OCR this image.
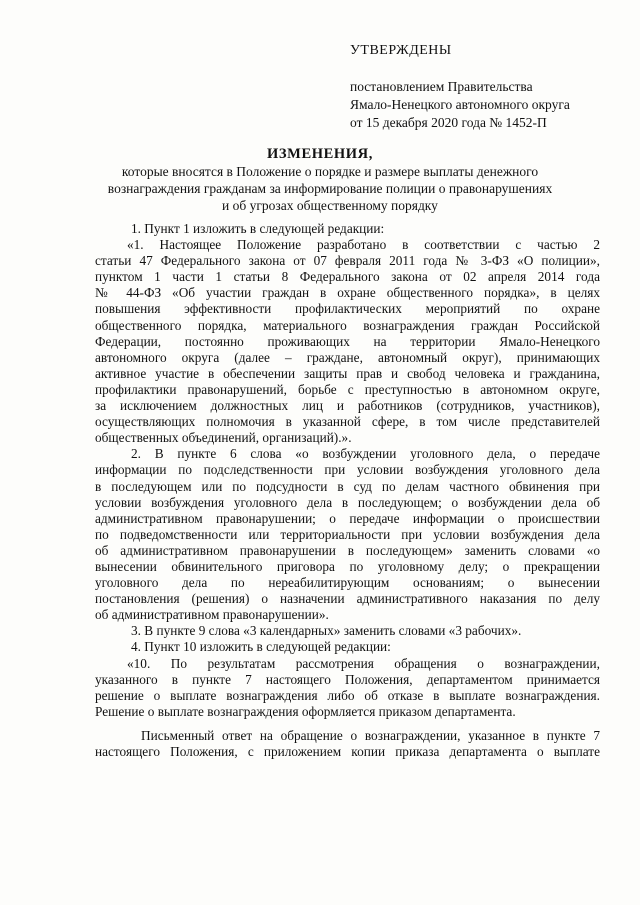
УТВЕРЖДЕНЫ
постановлением Правительства
Ямало-Ненецкого автономного округа
от 15 декабря 2020 года № 1452-П
ИЗМЕНЕНИЯ,
которые вносятся в Положение о порядке и размере выплаты денежного
вознаграждения гражданам за информирование полиции о правонарушениях
и об угрозах общественному порядку
1. Пункт 1 изложить в следующей редакции:
«1. Настоящее Положение разработано в соответствии с частью 2
статьи 47 Федерального закона от 07 февраля 2011 года № 3-ФЗ «О полиции»,
пунктом 1 части 1 статьи 8 Федерального закона от 02 апреля 2014 года
№ 44-ФЗ «Об участии граждан в охране общественного порядка», в целях
повышения эффективности профилактических мероприятий по охране
общественного порядка, материального вознаграждения граждан Российской
Федерации, постоянно проживающих на территории Ямало-Ненецкого
автономного округа (далее – граждане, автономный округ), принимающих
активное участие в обеспечении защиты прав и свобод человека и гражданина,
профилактики правонарушений, борьбе с преступностью в автономном округе,
за исключением должностных лиц и работников (сотрудников, участников),
осуществляющих полномочия в указанной сфере, в том числе представителей
общественных объединений, организаций).».
2. В пункте 6 слова «о возбуждении уголовного дела, о передаче
информации по подследственности при условии возбуждения уголовного дела
в последующем или по подсудности в суд по делам частного обвинения при
условии возбуждения уголовного дела в последующем; о возбуждении дела об
административном правонарушении; о передаче информации о происшествии
по подведомственности или территориальности при условии возбуждения дела
об административном правонарушении в последующем» заменить словами «о
вынесении обвинительного приговора по уголовному делу; о прекращении
уголовного дела по нереабилитирующим основаниям; о вынесении
постановления (решения) о назначении административного наказания по делу
об административном правонарушении».
3. В пункте 9 слова «3 календарных» заменить словами «3 рабочих».
4. Пункт 10 изложить в следующей редакции:
«10. По результатам рассмотрения обращения о вознаграждении,
указанного в пункте 7 настоящего Положения, департаментом принимается
решение о выплате вознаграждения либо об отказе в выплате вознаграждения.
Решение о выплате вознаграждения оформляется приказом департамента.
Письменный ответ на обращение о вознаграждении, указанное в пункте 7
настоящего Положения, с приложением копии приказа департамента о выплате
